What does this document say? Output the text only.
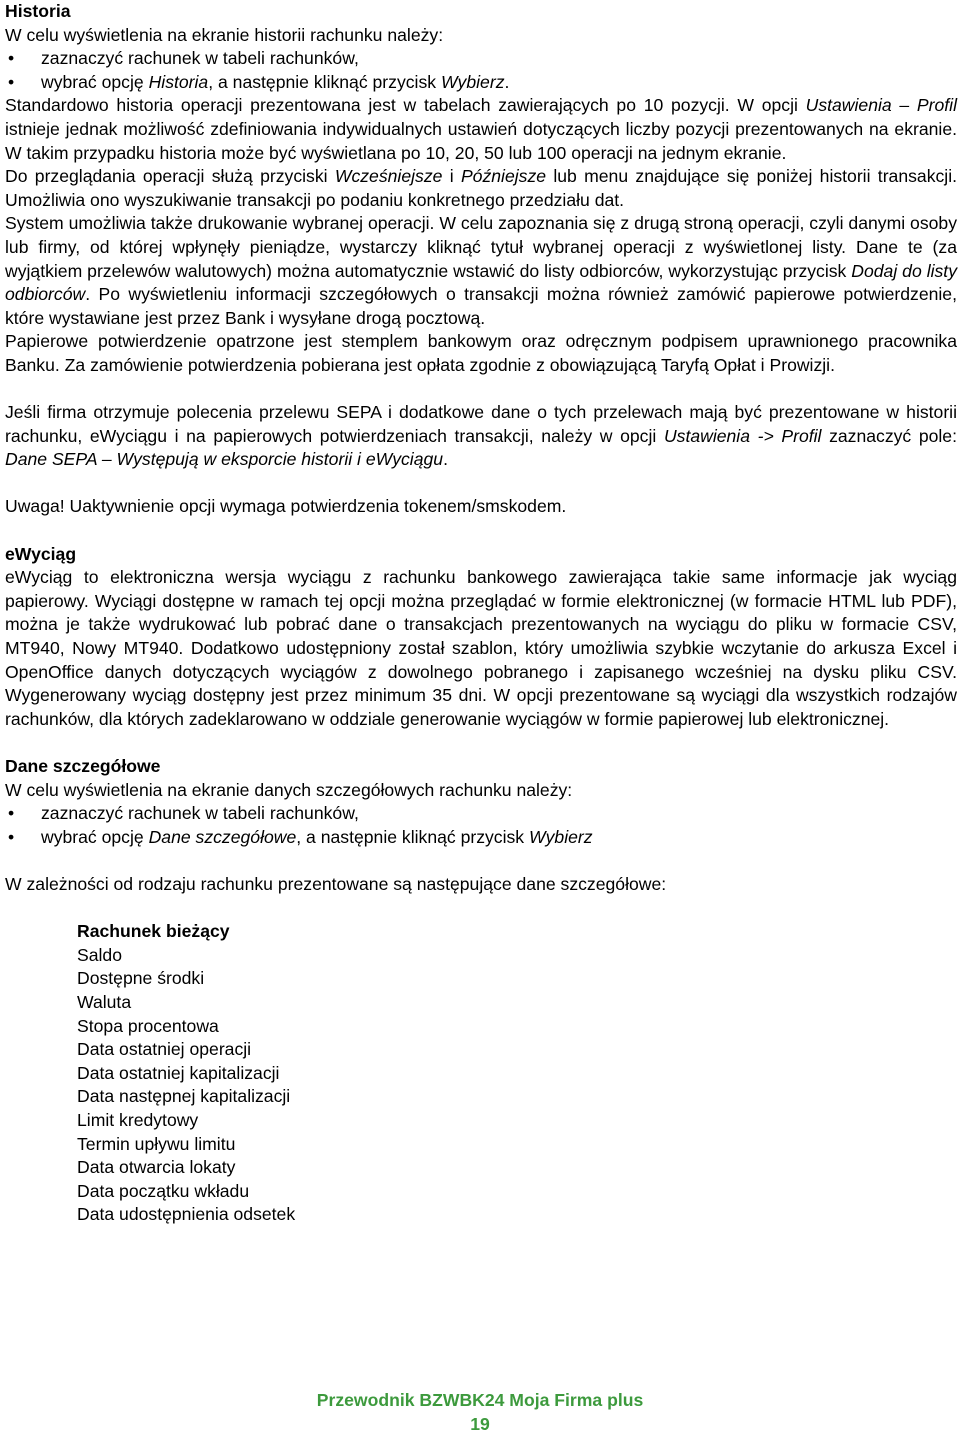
Historia

W celu wyświetlenia na ekranie historii rachunku należy:

• zaznaczyć rachunek w tabeli rachunków,
• wybrać opcję Historia, a następnie kliknąć przycisk Wybierz.

Standardowo historia operacji prezentowana jest w tabelach zawierających po 10 pozycji. W opcji Ustawienia – Profil istnieje jednak możliwość zdefiniowania indywidualnych ustawień dotyczących liczby pozycji prezentowanych na ekranie. W takim przypadku historia może być wyświetlana po 10, 20, 50 lub 100 operacji na jednym ekranie.

Do przeglądania operacji służą przyciski Wcześniejsze i Późniejsze lub menu znajdujące się poniżej historii transakcji. Umożliwia ono wyszukiwanie transakcji po podaniu konkretnego przedziału dat.

System umożliwia także drukowanie wybranej operacji. W celu zapoznania się z drugą stroną operacji, czyli danymi osoby lub firmy, od której wpłynęły pieniądze, wystarczy kliknąć tytuł wybranej operacji z wyświetlonej listy. Dane te (za wyjątkiem przelewów walutowych) można automatycznie wstawić do listy odbiorców, wykorzystując przycisk Dodaj do listy odbiorców. Po wyświetleniu informacji szczegółowych o transakcji można również zamówić papierowe potwierdzenie, które wystawiane jest przez Bank i wysyłane drogą pocztową.

Papierowe potwierdzenie opatrzone jest stemplem bankowym oraz odręcznym podpisem uprawnionego pracownika Banku. Za zamówienie potwierdzenia pobierana jest opłata zgodnie z obowiązującą Taryfą Opłat i Prowizji.

Jeśli firma otrzymuje polecenia przelewu SEPA i dodatkowe dane o tych przelewach mają być prezentowane w historii rachunku, eWyciągu i na papierowych potwierdzeniach transakcji, należy w opcji Ustawienia -> Profil zaznaczyć pole: Dane SEPA – Występują w eksporcie historii i eWyciągu.

Uwaga! Uaktywnienie opcji wymaga potwierdzenia tokenem/smskodem.

eWyciąg

eWyciąg to elektroniczna wersja wyciągu z rachunku bankowego zawierająca takie same informacje jak wyciąg papierowy. Wyciągi dostępne w ramach tej opcji można przeglądać w formie elektronicznej (w formacie HTML lub PDF), można je także wydrukować lub pobrać dane o transakcjach prezentowanych na wyciągu do pliku w formacie CSV, MT940, Nowy MT940. Dodatkowo udostępniony został szablon, który umożliwia szybkie wczytanie do arkusza Excel i OpenOffice danych dotyczących wyciągów z dowolnego pobranego i zapisanego wcześniej na dysku pliku CSV. Wygenerowany wyciąg dostępny jest przez minimum 35 dni. W opcji prezentowane są wyciągi dla wszystkich rodzajów rachunków, dla których zadeklarowano w oddziale generowanie wyciągów w formie papierowej lub elektronicznej.

Dane szczegółowe

W celu wyświetlenia na ekranie danych szczegółowych rachunku należy:

• zaznaczyć rachunek w tabeli rachunków,
• wybrać opcję Dane szczegółowe, a następnie kliknąć przycisk Wybierz

W zależności od rodzaju rachunku prezentowane są następujące dane szczegółowe:

Rachunek bieżący
Saldo
Dostępne środki
Waluta
Stopa procentowa
Data ostatniej operacji
Data ostatniej kapitalizacji
Data następnej kapitalizacji
Limit kredytowy
Termin upływu limitu
Data otwarcia lokaty
Data początku wkładu
Data udostępnienia odsetek
Przewodnik BZWBK24 Moja Firma plus
19
